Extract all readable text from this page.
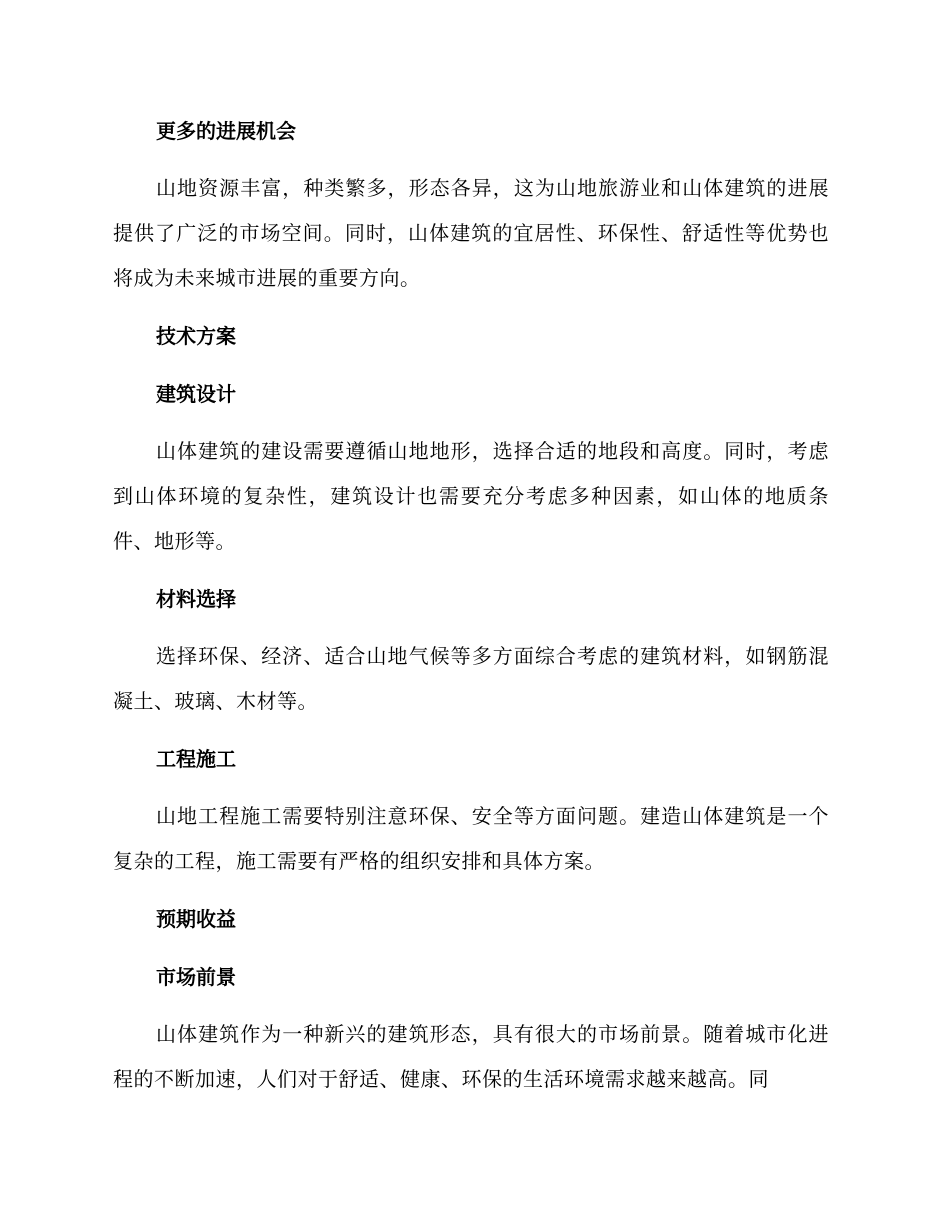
更多的进展机会
山地资源丰富，种类繁多，形态各异，这为山地旅游业和山体建筑的进展提供了广泛的市场空间。同时，山体建筑的宜居性、环保性、舒适性等优势也将成为未来城市进展的重要方向。
技术方案
建筑设计
山体建筑的建设需要遵循山地地形，选择合适的地段和高度。同时，考虑到山体环境的复杂性，建筑设计也需要充分考虑多种因素，如山体的地质条件、地形等。
材料选择
选择环保、经济、适合山地气候等多方面综合考虑的建筑材料，如钢筋混凝土、玻璃、木材等。
工程施工
山地工程施工需要特别注意环保、安全等方面问题。建造山体建筑是一个复杂的工程，施工需要有严格的组织安排和具体方案。
预期收益
市场前景
山体建筑作为一种新兴的建筑形态，具有很大的市场前景。随着城市化进程的不断加速，人们对于舒适、健康、环保的生活环境需求越来越高。同
